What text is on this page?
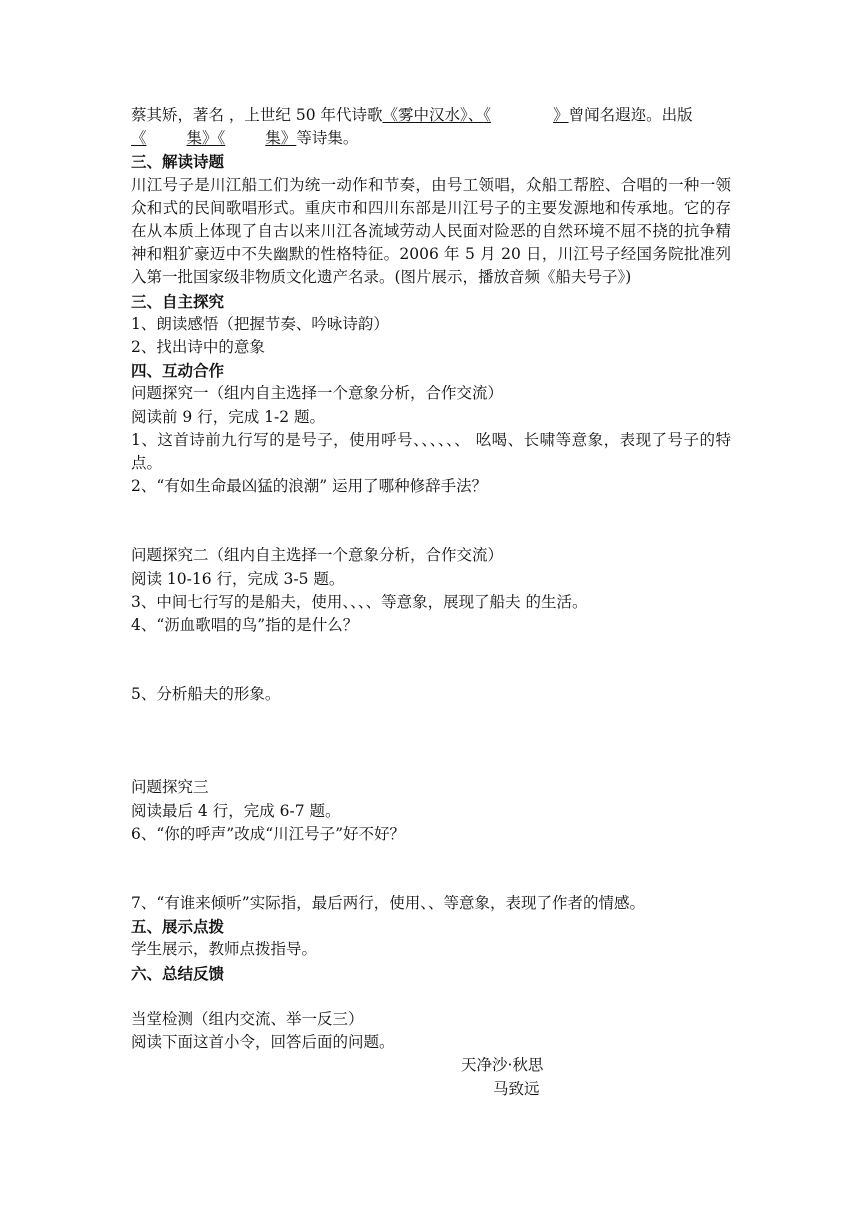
蔡其矫，著名 ，上世纪 50 年代诗歌《雾中汉水》、《	》曾闻名遐迩。出版
《	集》《	集》等诗集。

三、解读诗题

川江号子是川江船工们为统一动作和节奏，由号工领唱，众船工帮腔、合唱的一种一领众和式的民间歌唱形式。重庆市和四川东部是川江号子的主要发源地和传承地。它的存在从本质上体现了自古以来川江各流域劳动人民面对险恶的自然环境不屈不挠的抗争精神和粗犷豪迈中不失幽默的性格特征。2006 年 5 月 20 日，川江号子经国务院批准列入第一批国家级非物质文化遗产名录。(图片展示，播放音频《船夫号子》)

三、自主探究

1、朗读感悟（把握节奏、吟咏诗韵）

2、找出诗中的意象

四、互动合作

问题探究一（组内自主选择一个意象分析，合作交流）

阅读前 9 行，完成 1-2 题。

1、这首诗前九行写的是号子，使用呼号、、、、、、 吆喝、长啸等意象，表现了号子的特点。

2、“有如生命最凶猛的浪潮” 运用了哪种修辞手法？

问题探究二（组内自主选择一个意象分析，合作交流）

阅读 10-16 行，完成 3-5 题。

3、中间七行写的是船夫，使用、、、、等意象，展现了船夫 的生活。

4、“沥血歌唱的鸟”指的是什么？

5、分析船夫的形象。

问题探究三

阅读最后 4 行，完成 6-7 题。

6、“你的呼声”改成“川江号子”好不好？

7、“有谁来倾听”实际指，最后两行，使用、、等意象，表现了作者的情感。

五、展示点拨

学生展示，教师点拨指导。

六、总结反馈

当堂检测（组内交流、举一反三）

阅读下面这首小令，回答后面的问题。

天净沙·秋思

马致远
